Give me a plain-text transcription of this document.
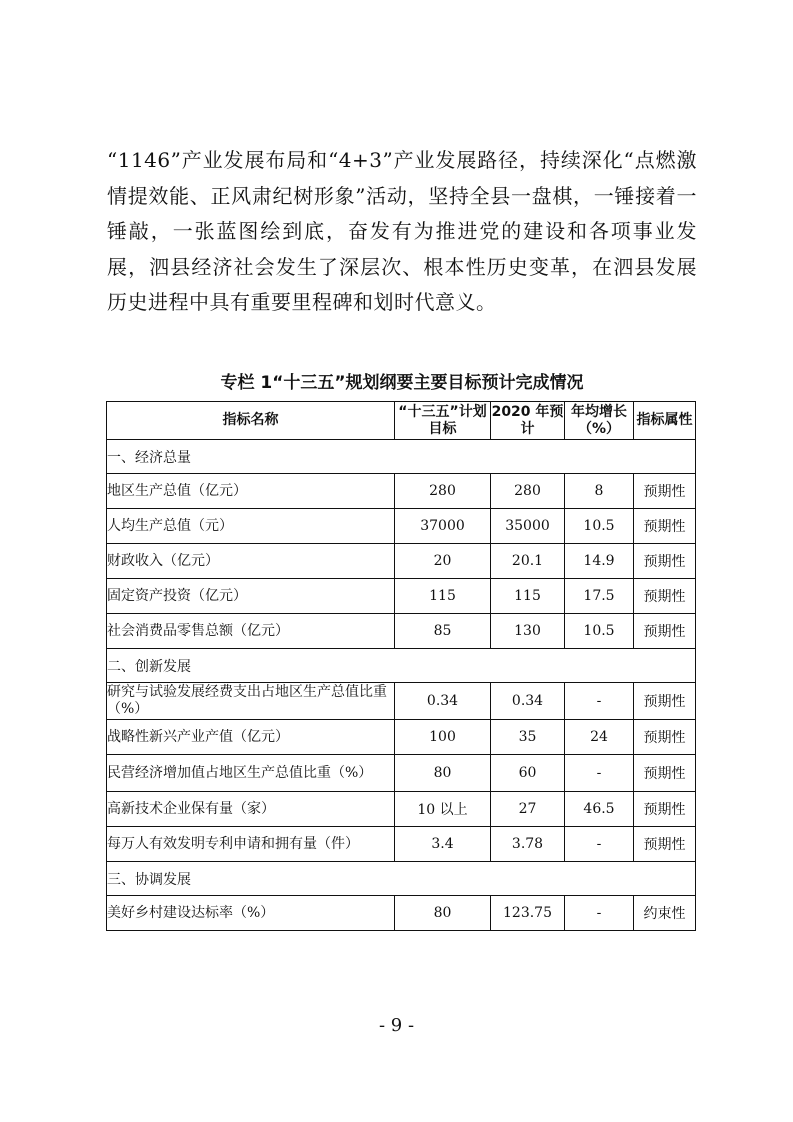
“1146”产业发展布局和“4+3”产业发展路径，持续深化“点燃激情提效能、正风肃纪树形象”活动，坚持全县一盘棋，一锤接着一锤敲，一张蓝图绘到底，奋发有为推进党的建设和各项事业发展，泗县经济社会发生了深层次、根本性历史变革，在泗县发展历史进程中具有重要里程碑和划时代意义。
专栏 1“十三五”规划纲要主要目标预计完成情况
指标名称	“十三五”计划目标	2020 年预计	年均增长（%）	指标属性
一、经济总量				
地区生产总值（亿元）	280	280	8	预期性
人均生产总值（元）	37000	35000	10.5	预期性
财政收入（亿元）	20	20.1	14.9	预期性
固定资产投资（亿元）	115	115	17.5	预期性
社会消费品零售总额（亿元）	85	130	10.5	预期性
二、创新发展				
研究与试验发展经费支出占地区生产总值比重（%）	0.34	0.34	-	预期性
战略性新兴产业产值（亿元）	100	35	24	预期性
民营经济增加值占地区生产总值比重（%）	80	60	-	预期性
高新技术企业保有量（家）	10 以上	27	46.5	预期性
每万人有效发明专利申请和拥有量（件）	3.4	3.78	-	预期性
三、协调发展				
美好乡村建设达标率（%）	80	123.75	-	约束性
- 9 -
